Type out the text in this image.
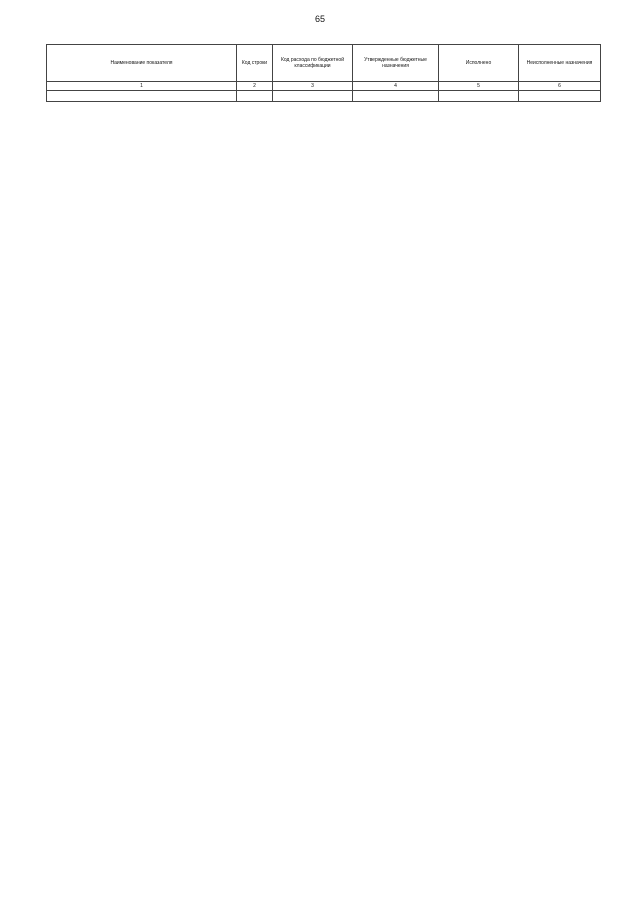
65
Наименование показателя	Код строки	Код расхода по бюджетной классификации	Утвержденные бюджетные назначения	Исполнено	Неисполненные назначения
1	2	3	4	5	6
